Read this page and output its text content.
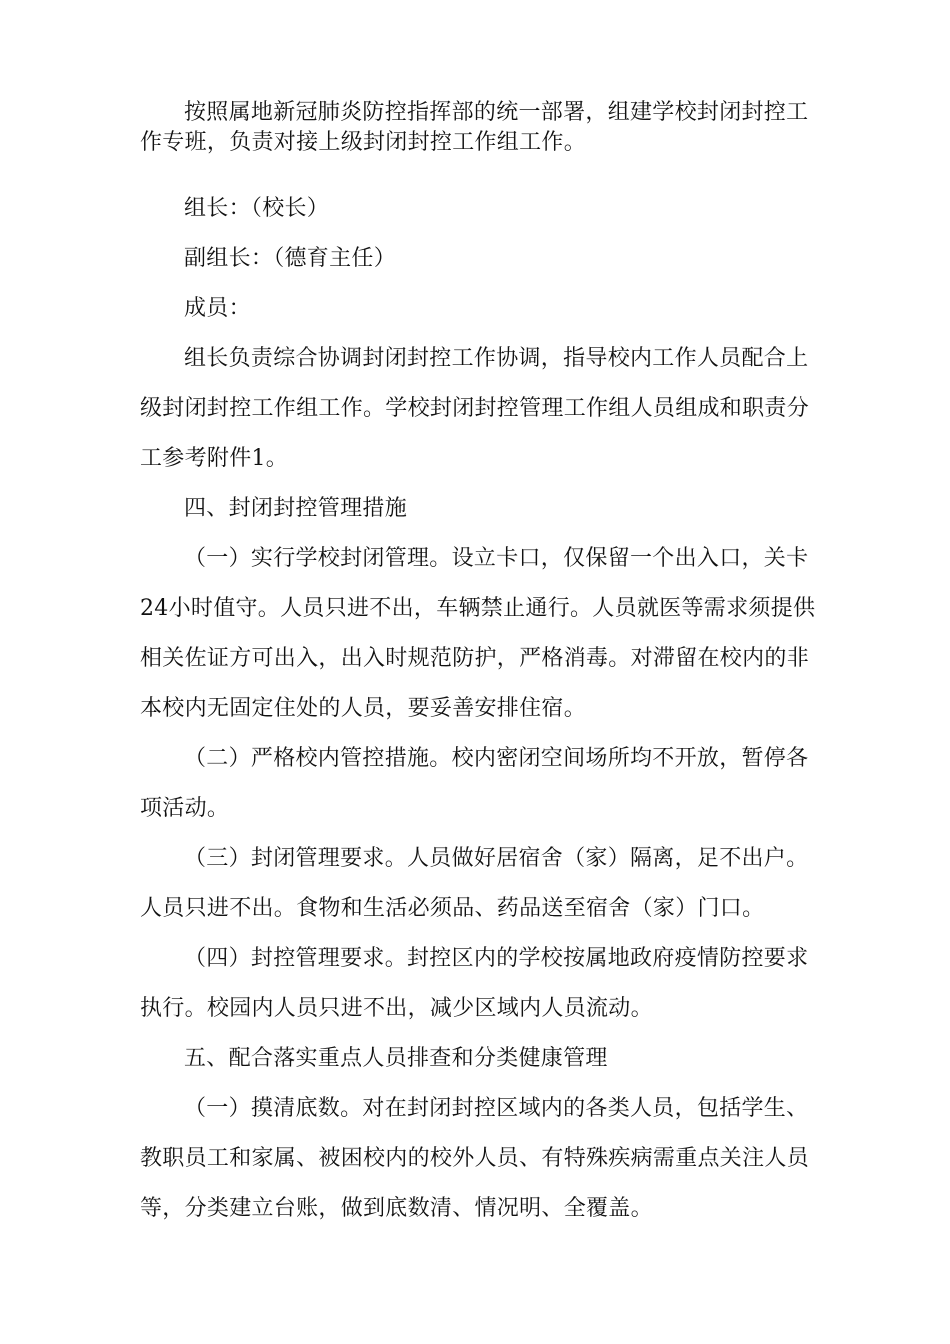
按照属地新冠肺炎防控指挥部的统一部署，组建学校封闭封控工作专班，负责对接上级封闭封控工作组工作。

组长：（校长）

副组长：（德育主任）

成员：

组长负责综合协调封闭封控工作协调，指导校内工作人员配合上级封闭封控工作组工作。学校封闭封控管理工作组人员组成和职责分工参考附件1。

四、封闭封控管理措施

（一）实行学校封闭管理。设立卡口，仅保留一个出入口，关卡24小时值守。人员只进不出，车辆禁止通行。人员就医等需求须提供相关佐证方可出入，出入时规范防护，严格消毒。对滞留在校内的非本校内无固定住处的人员，要妥善安排住宿。

（二）严格校内管控措施。校内密闭空间场所均不开放，暂停各项活动。

（三）封闭管理要求。人员做好居宿舍（家）隔离，足不出户。人员只进不出。食物和生活必须品、药品送至宿舍（家）门口。

（四）封控管理要求。封控区内的学校按属地政府疫情防控要求执行。校园内人员只进不出，减少区域内人员流动。

五、配合落实重点人员排查和分类健康管理

（一）摸清底数。对在封闭封控区域内的各类人员，包括学生、教职员工和家属、被困校内的校外人员、有特殊疾病需重点关注人员等，分类建立台账，做到底数清、情况明、全覆盖。
